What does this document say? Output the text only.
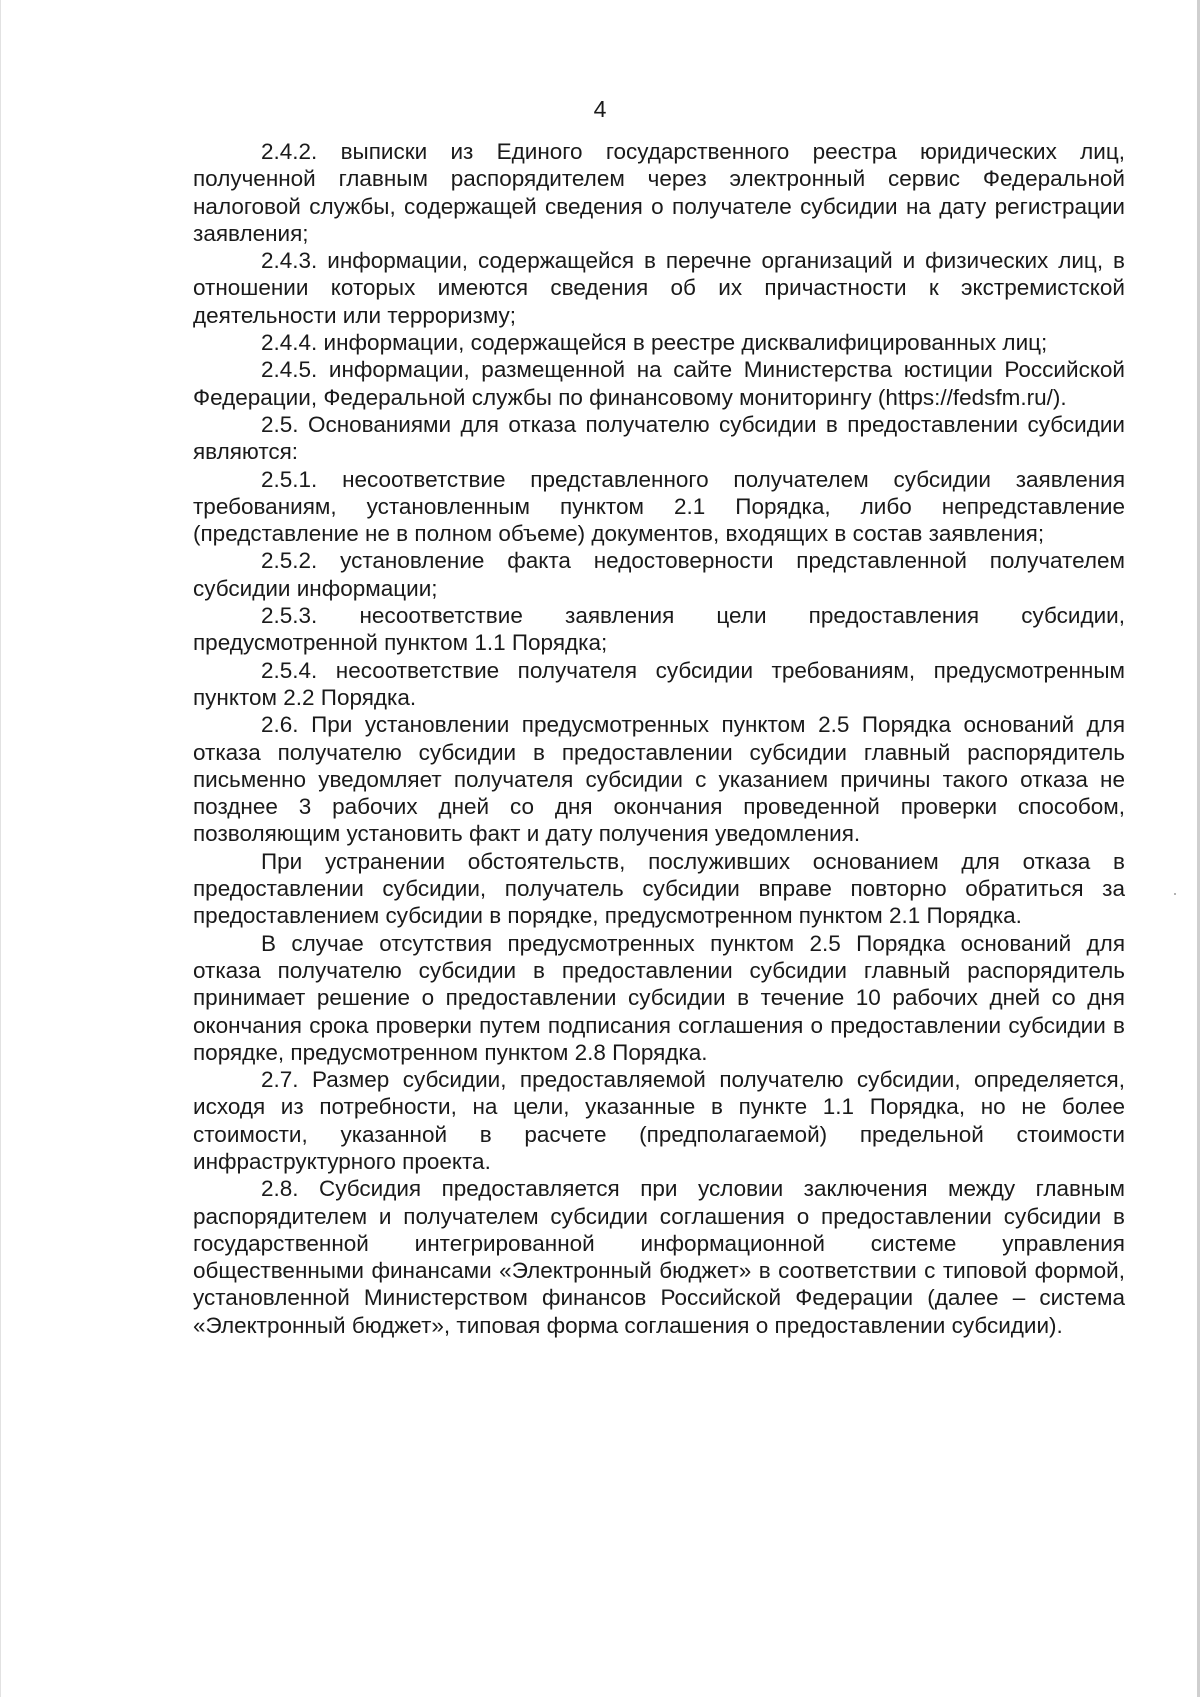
4

2.4.2. выписки из Единого государственного реестра юридических лиц, полученной главным распорядителем через электронный сервис Федеральной налоговой службы, содержащей сведения о получателе субсидии на дату регистрации заявления;

2.4.3. информации, содержащейся в перечне организаций и физических лиц, в отношении которых имеются сведения об их причастности к экстремистской деятельности или терроризму;

2.4.4. информации, содержащейся в реестре дисквалифицированных лиц;

2.4.5. информации, размещенной на сайте Министерства юстиции Российской Федерации, Федеральной службы по финансовому мониторингу (https://fedsfm.ru/).

2.5. Основаниями для отказа получателю субсидии в предоставлении субсидии являются:

2.5.1. несоответствие представленного получателем субсидии заявления требованиям, установленным пунктом 2.1 Порядка, либо непредставление (представление не в полном объеме) документов, входящих в состав заявления;

2.5.2. установление факта недостоверности представленной получателем субсидии информации;

2.5.3. несоответствие заявления цели предоставления субсидии, предусмотренной пунктом 1.1 Порядка;

2.5.4. несоответствие получателя субсидии требованиям, предусмотренным пунктом 2.2 Порядка.

2.6. При установлении предусмотренных пунктом 2.5 Порядка оснований для отказа получателю субсидии в предоставлении субсидии главный распорядитель письменно уведомляет получателя субсидии с указанием причины такого отказа не позднее 3 рабочих дней со дня окончания проведенной проверки способом, позволяющим установить факт и дату получения уведомления.

При устранении обстоятельств, послуживших основанием для отказа в предоставлении субсидии, получатель субсидии вправе повторно обратиться за предоставлением субсидии в порядке, предусмотренном пунктом 2.1 Порядка.

В случае отсутствия предусмотренных пунктом 2.5 Порядка оснований для отказа получателю субсидии в предоставлении субсидии главный распорядитель принимает решение о предоставлении субсидии в течение 10 рабочих дней со дня окончания срока проверки путем подписания соглашения о предоставлении субсидии в порядке, предусмотренном пунктом 2.8 Порядка.

2.7. Размер субсидии, предоставляемой получателю субсидии, определяется, исходя из потребности, на цели, указанные в пункте 1.1 Порядка, но не более стоимости, указанной в расчете (предполагаемой) предельной стоимости инфраструктурного проекта.

2.8. Субсидия предоставляется при условии заключения между главным распорядителем и получателем субсидии соглашения о предоставлении субсидии в государственной интегрированной информационной системе управления общественными финансами «Электронный бюджет» в соответствии с типовой формой, установленной Министерством финансов Российской Федерации (далее – система «Электронный бюджет», типовая форма соглашения о предоставлении субсидии).
